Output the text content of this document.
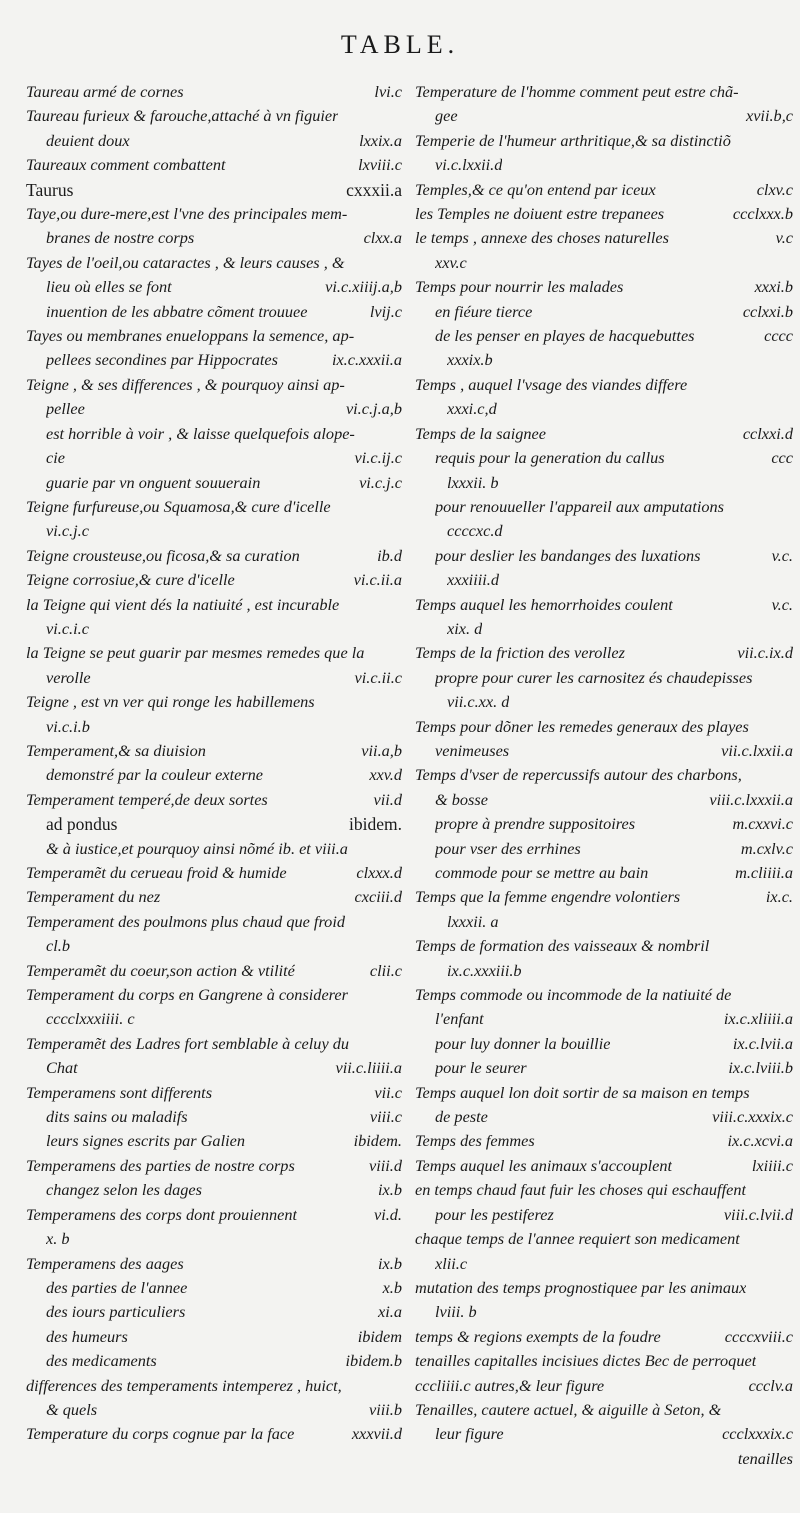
TABLE.
Taureau armé de cornes	lvi.c
Taureau furieux & farouche,attaché à vn figuier
deuient doux	lxxix.a
Taureaux comment combattent	lxviii.c
Taurus	cxxxii.a
Taye,ou dure-mere,est l'vne des principales mem-
branes de nostre corps	clxx.a
Tayes de l'oeil,ou cataractes , & leurs causes , &
lieu où elles se font	vi.c.xiiij.a,b
inuention de les abbatre cõment trouuee	lvij.c
Tayes ou membranes enueloppans la semence, ap-
pellees secondines par Hippocrates	ix.c.xxxii.a
Teigne , & ses differences , & pourquoy ainsi ap-
pellee	vi.c.j.a,b
est horrible à voir , & laisse quelquefois alope-
cie	vi.c.ij.c
guarie par vn onguent souuerain	vi.c.j.c
Teigne furfureuse,ou Squamosa,& cure d'icelle
vi.c.j.c
Teigne crousteuse,ou ficosa,& sa curation	ib.d
Teigne corrosiue,& cure d'icelle	vi.c.ii.a
la Teigne qui vient dés la natiuité , est incurable
vi.c.i.c
la Teigne se peut guarir par mesmes remedes que la
verolle	vi.c.ii.c
Teigne , est vn ver qui ronge les habillemens
vi.c.i.b
Temperament,& sa diuision	vii.a,b
demonstré par la couleur externe	xxv.d
Temperament temperé,de deux sortes	vii.d
ad pondus	ibidem.
& à iustice,et pourquoy ainsi nõmé ib. et viii.a
Temperamẽt du cerueau froid & humide	clxxx.d
Temperament du nez	cxciii.d
Temperament des poulmons plus chaud que froid
cl.b
Temperamẽt du coeur,son action & vtilité	clii.c
Temperament du corps en Gangrene à considerer
cccclxxxiiii. c
Temperamẽt des Ladres fort semblable à celuy du
Chat	vii.c.liiii.a
Temperamens sont differents	vii.c
dits sains ou maladifs	viii.c
leurs signes escrits par Galien	ibidem.
Temperamens des parties de nostre corps	viii.d
changez selon les dages	ix.b
Temperamens des corps dont prouiennent	vi.d.
x. b
Temperamens des aages	ix.b
des parties de l'annee	x.b
des iours particuliers	xi.a
des humeurs	ibidem
des medicaments	ibidem.b
differences des temperaments intemperez , huict,
& quels	viii.b
Temperature du corps cognue par la face	xxxvii.d
Temperature de l'homme comment peut estre chã-
gee	xvii.b,c
Temperie de l'humeur arthritique,& sa distinctiõ
vi.c.lxxii.d
Temples,& ce qu'on entend par iceux	clxv.c
les Temples ne doiuent estre trepanees	ccclxxx.b
le temps , annexe des choses naturelles	v.c
xxv.c
Temps pour nourrir les malades	xxxi.b
en fiéure tierce	cclxxi.b
de les penser en playes de hacquebuttes	cccc
xxxix.b
Temps , auquel l'vsage des viandes differe
xxxi.c,d
Temps de la saignee	cclxxi.d
requis pour la generation du callus	ccc
lxxxii. b
pour renouueller l'appareil aux amputations
ccccxc.d
pour deslier les bandanges des luxations	v.c.
xxxiiii.d
Temps auquel les hemorrhoides coulent	v.c.
xix. d
Temps de la friction des verollez	vii.c.ix.d
propre pour curer les carnositez és chaudepisses
vii.c.xx. d
Temps pour dõner les remedes generaux des playes
venimeuses	vii.c.lxxii.a
Temps d'vser de repercussifs autour des charbons,
& bosse	viii.c.lxxxii.a
propre à prendre suppositoires	m.cxxvi.c
pour vser des errhines	m.cxlv.c
commode pour se mettre au bain	m.cliiii.a
Temps que la femme engendre volontiers	ix.c.
lxxxii. a
Temps de formation des vaisseaux & nombril
ix.c.xxxiii.b
Temps commode ou incommode de la natiuité de
l'enfant	ix.c.xliiii.a
pour luy donner la bouillie	ix.c.lvii.a
pour le seurer	ix.c.lviii.b
Temps auquel lon doit sortir de sa maison en temps
de peste	viii.c.xxxix.c
Temps des femmes	ix.c.xcvi.a
Temps auquel les animaux s'accouplent	lxiiii.c
en temps chaud faut fuir les choses qui eschauffent
pour les pestiferez	viii.c.lvii.d
chaque temps de l'annee requiert son medicament
xlii.c
mutation des temps prognostiquee par les animaux
lviii. b
temps & regions exempts de la foudre	ccccxviii.c
tenailles capitalles incisiues dictes Bec de perroquet
cccliiii.c autres,& leur figure	ccclv.a
Tenailles, cautere actuel, & aiguille à Seton, &
leur figure	ccclxxxix.c
tenailles
